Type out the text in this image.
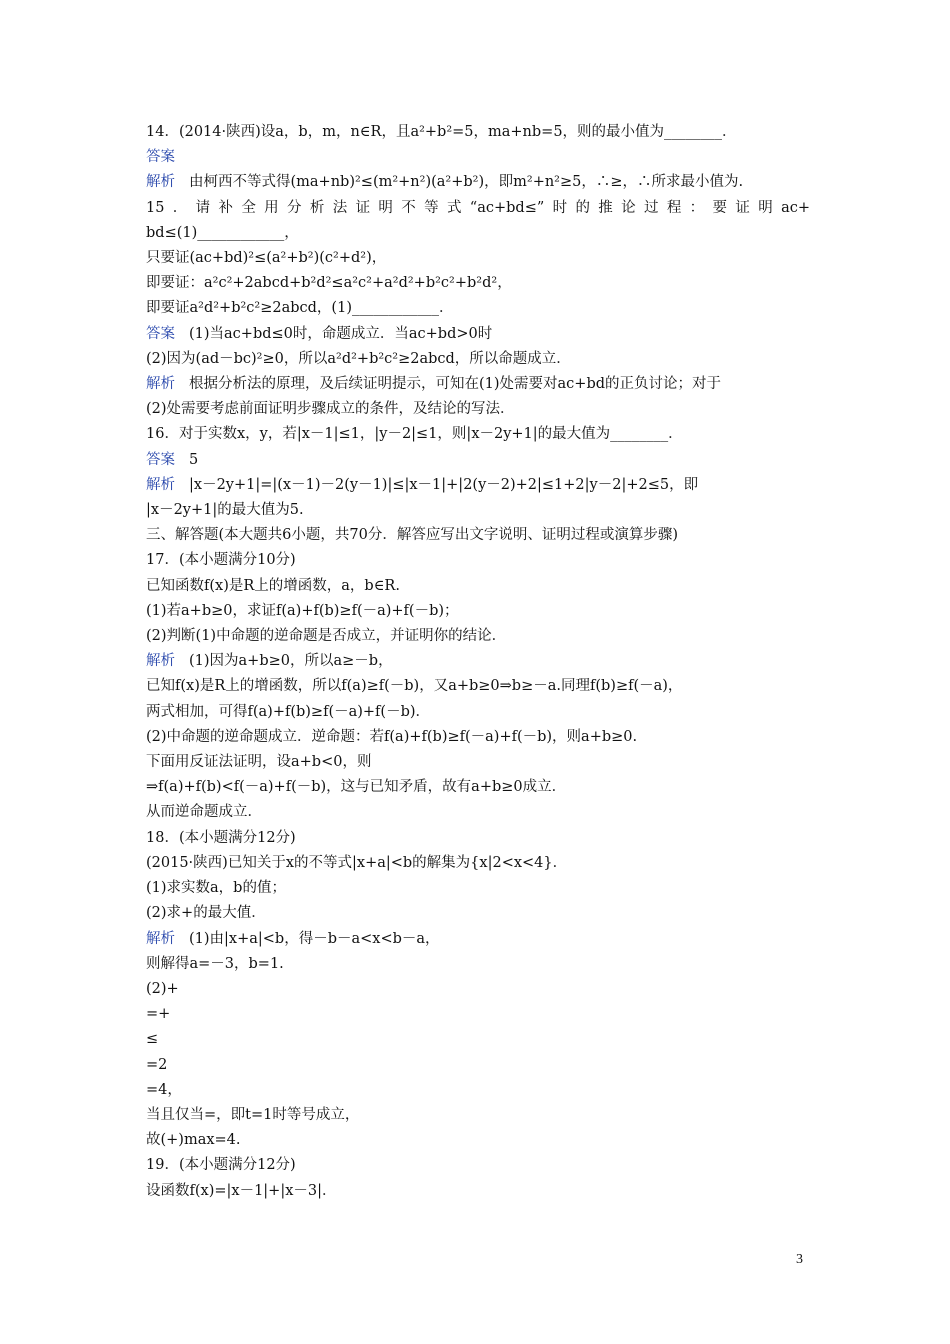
14．(2014·陕西)设a，b，m，n∈R，且a²+b²=5，ma+nb=5，则的最小值为________．
答案
解析 由柯西不等式得(ma+nb)²≤(m²+n²)(a²+b²)，即m²+n²≥5，∴≥，∴所求最小值为.
15．请补全用分析法证明不等式“ac+bd≤”时的推论过程：要证明ac+
bd≤(1)____________，
只要证(ac+bd)²≤(a²+b²)(c²+d²)，
即要证：a²c²+2abcd+b²d²≤a²c²+a²d²+b²c²+b²d²，
即要证a²d²+b²c²≥2abcd，(1)____________．
答案 (1)当ac+bd≤0时，命题成立．当ac+bd>0时
(2)因为(ad－bc)²≥0，所以a²d²+b²c²≥2abcd，所以命题成立．
解析 根据分析法的原理，及后续证明提示，可知在(1)处需要对ac+bd的正负讨论；对于
(2)处需要考虑前面证明步骤成立的条件，及结论的写法．
16．对于实数x，y，若|x－1|≤1，|y－2|≤1，则|x－2y+1|的最大值为________．
答案 5
解析 |x－2y+1|=|(x－1)－2(y－1)|≤|x－1|+|2(y－2)+2|≤1+2|y－2|+2≤5，即
|x－2y+1|的最大值为5.
三、解答题(本大题共6小题，共70分．解答应写出文字说明、证明过程或演算步骤)
17．(本小题满分10分)
已知函数f(x)是R上的增函数，a，b∈R.
(1)若a+b≥0，求证f(a)+f(b)≥f(－a)+f(－b)；
(2)判断(1)中命题的逆命题是否成立，并证明你的结论．
解析 (1)因为a+b≥0，所以a≥－b，
已知f(x)是R上的增函数，所以f(a)≥f(－b)，又a+b≥0⇒b≥－a.同理f(b)≥f(－a)，
两式相加，可得f(a)+f(b)≥f(－a)+f(－b)．
(2)中命题的逆命题成立．逆命题：若f(a)+f(b)≥f(－a)+f(－b)，则a+b≥0.
下面用反证法证明，设a+b<0，则
⇒f(a)+f(b)<f(－a)+f(－b)，这与已知矛盾，故有a+b≥0成立．
从而逆命题成立．
18．(本小题满分12分)
(2015·陕西)已知关于x的不等式|x+a|<b的解集为{x|2<x<4}．
(1)求实数a，b的值；
(2)求+的最大值．
解析 (1)由|x+a|<b，得－b－a<x<b－a，
则解得a=－3，b=1.
(2)+
=+
≤
=2
=4，
当且仅当=，即t=1时等号成立，
故(+)max=4.
19．(本小题满分12分)
设函数f(x)=|x－1|+|x－3|．
3
